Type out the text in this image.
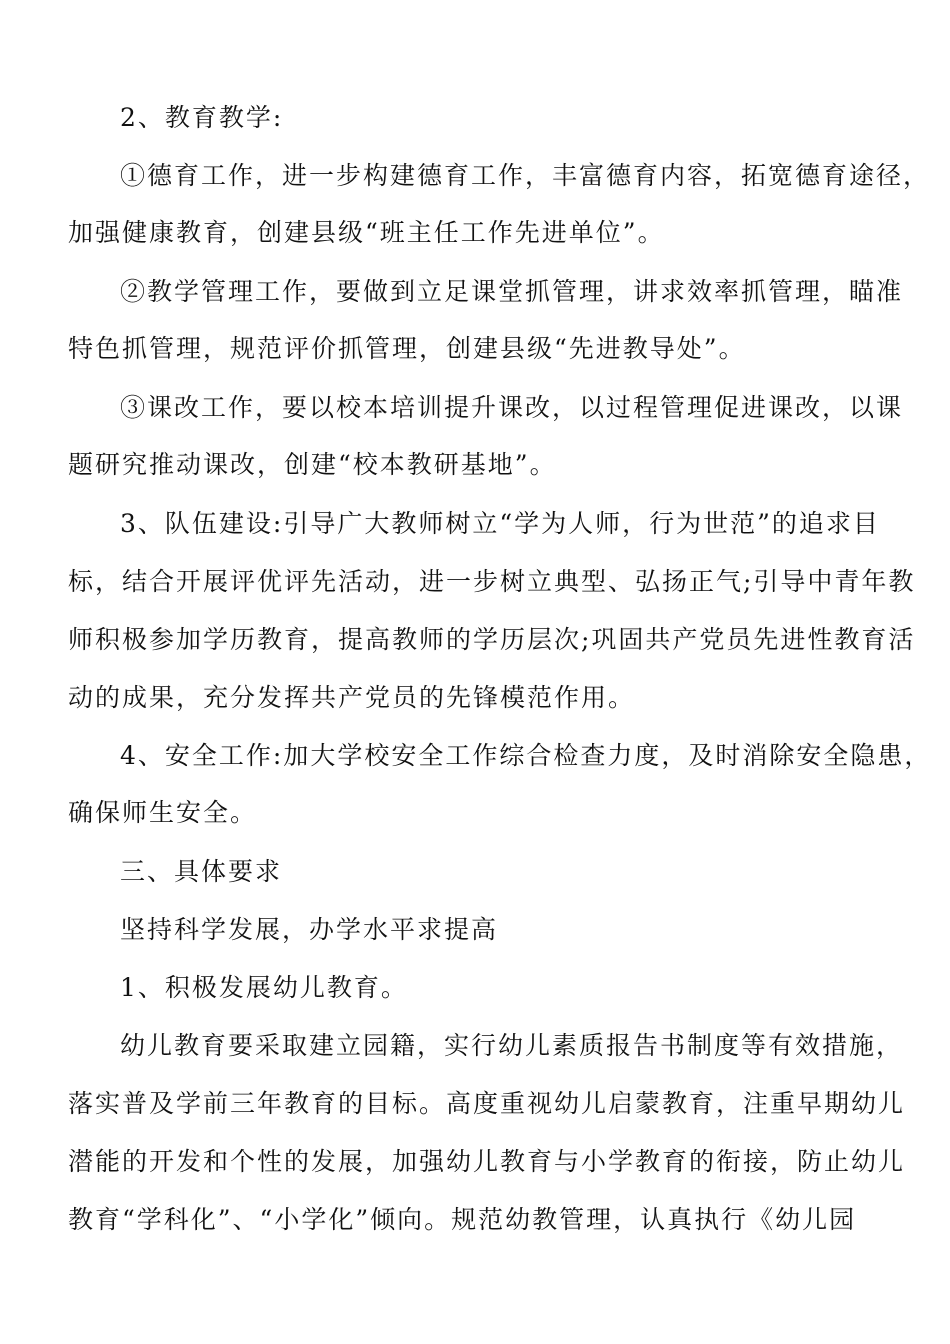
2、教育教学:
①德育工作，进一步构建德育工作，丰富德育内容，拓宽德育途径，
加强健康教育，创建县级“班主任工作先进单位”。
②教学管理工作，要做到立足课堂抓管理，讲求效率抓管理，瞄准
特色抓管理，规范评价抓管理，创建县级“先进教导处”。
③课改工作，要以校本培训提升课改，以过程管理促进课改，以课
题研究推动课改，创建“校本教研基地”。
3、队伍建设:引导广大教师树立“学为人师，行为世范”的追求目
标，结合开展评优评先活动，进一步树立典型、弘扬正气;引导中青年教
师积极参加学历教育，提高教师的学历层次;巩固共产党员先进性教育活
动的成果，充分发挥共产党员的先锋模范作用。
4、安全工作:加大学校安全工作综合检查力度，及时消除安全隐患，
确保师生安全。
三、具体要求
坚持科学发展，办学水平求提高
1、积极发展幼儿教育。
幼儿教育要采取建立园籍，实行幼儿素质报告书制度等有效措施，
落实普及学前三年教育的目标。高度重视幼儿启蒙教育，注重早期幼儿
潜能的开发和个性的发展，加强幼儿教育与小学教育的衔接，防止幼儿
教育“学科化”、“小学化”倾向。规范幼教管理，认真执行《幼儿园
